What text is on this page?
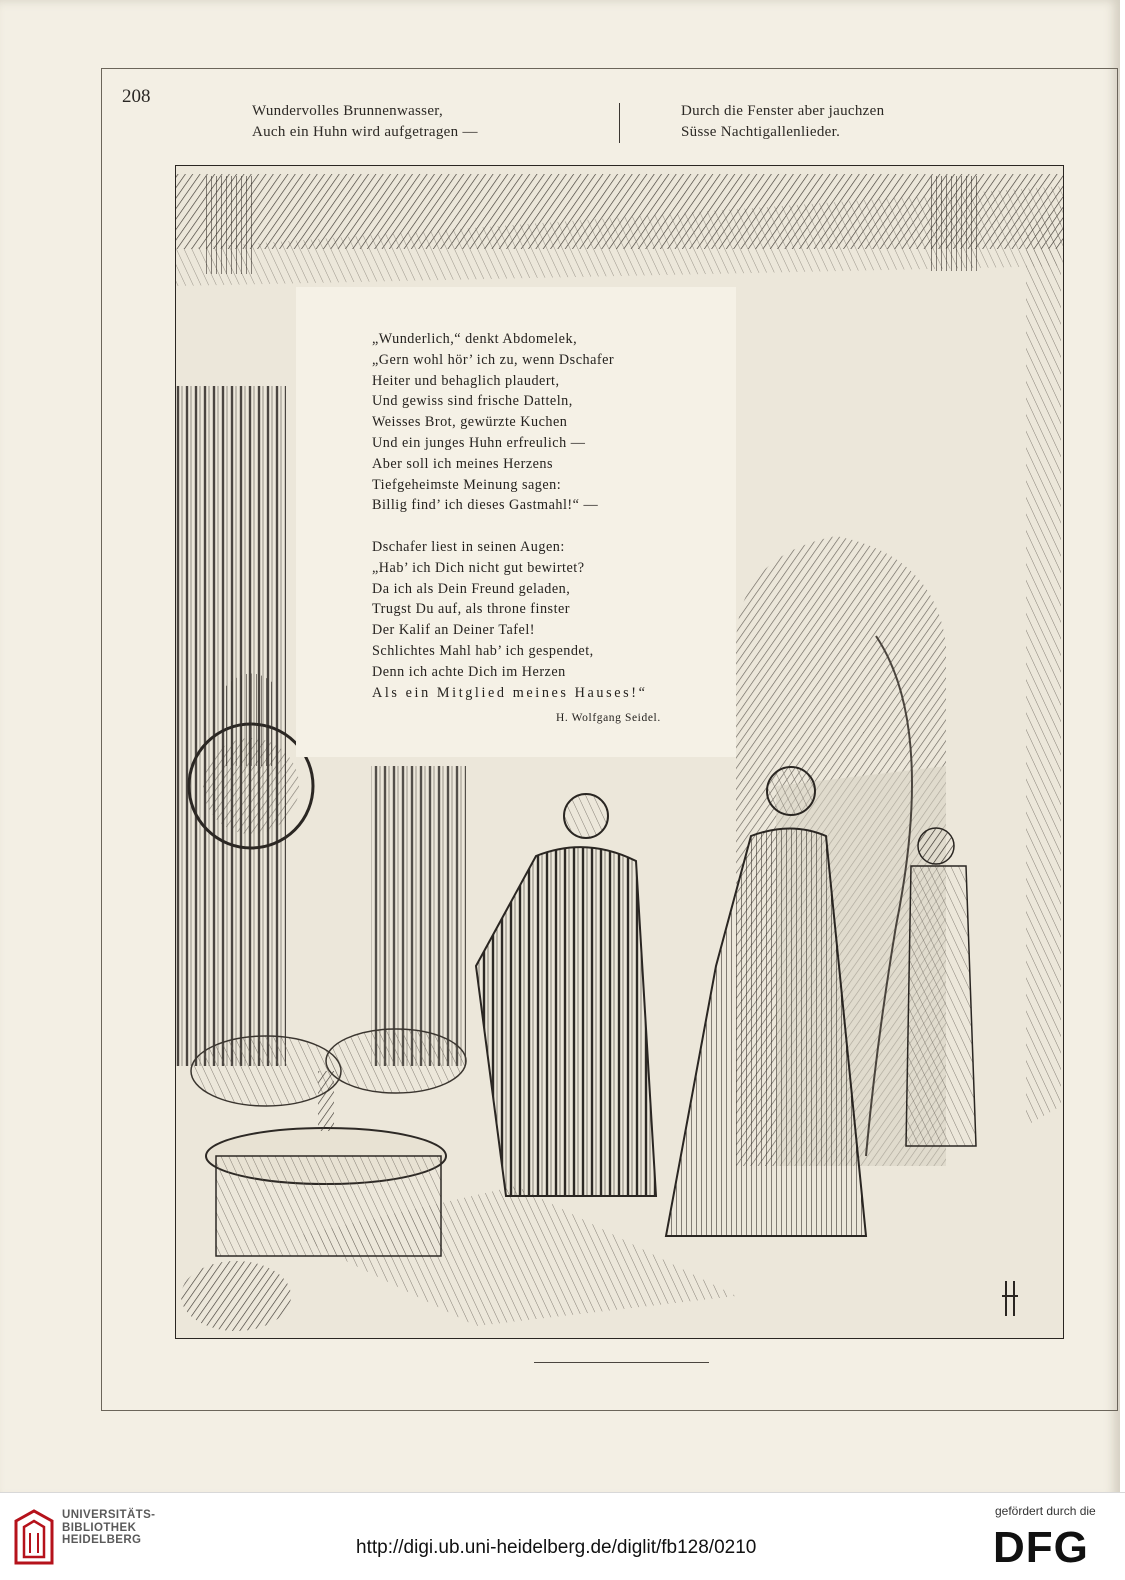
208
Wundervolles Brunnenwasser,
Auch ein Huhn wird aufgetragen —
Durch die Fenster aber jauchzen
Süsse Nachtigallenlieder.
„Wunderlich,“ denkt Abdomelek,
„Gern wohl hör’ ich zu, wenn Dschafer
Heiter und behaglich plaudert,
Und gewiss sind frische Datteln,
Weisses Brot, gewürzte Kuchen
Und ein junges Huhn erfreulich —
Aber soll ich meines Herzens
Tiefgeheimste Meinung sagen:
Billig find’ ich dieses Gastmahl!“ —
Dschafer liest in seinen Augen:
„Hab’ ich Dich nicht gut bewirtet?
Da ich als Dein Freund geladen,
Trugst Du auf, als throne finster
Der Kalif an Deiner Tafel!
Schlichtes Mahl hab’ ich gespendet,
Denn ich achte Dich im Herzen
Als ein Mitglied meines Hauses!“
H. Wolfgang Seidel.
UNIVERSITÄTS-
BIBLIOTHEK
HEIDELBERG	http://digi.ub.uni-heidelberg.de/diglit/fb128/0210
gefördert durch die
DFG
